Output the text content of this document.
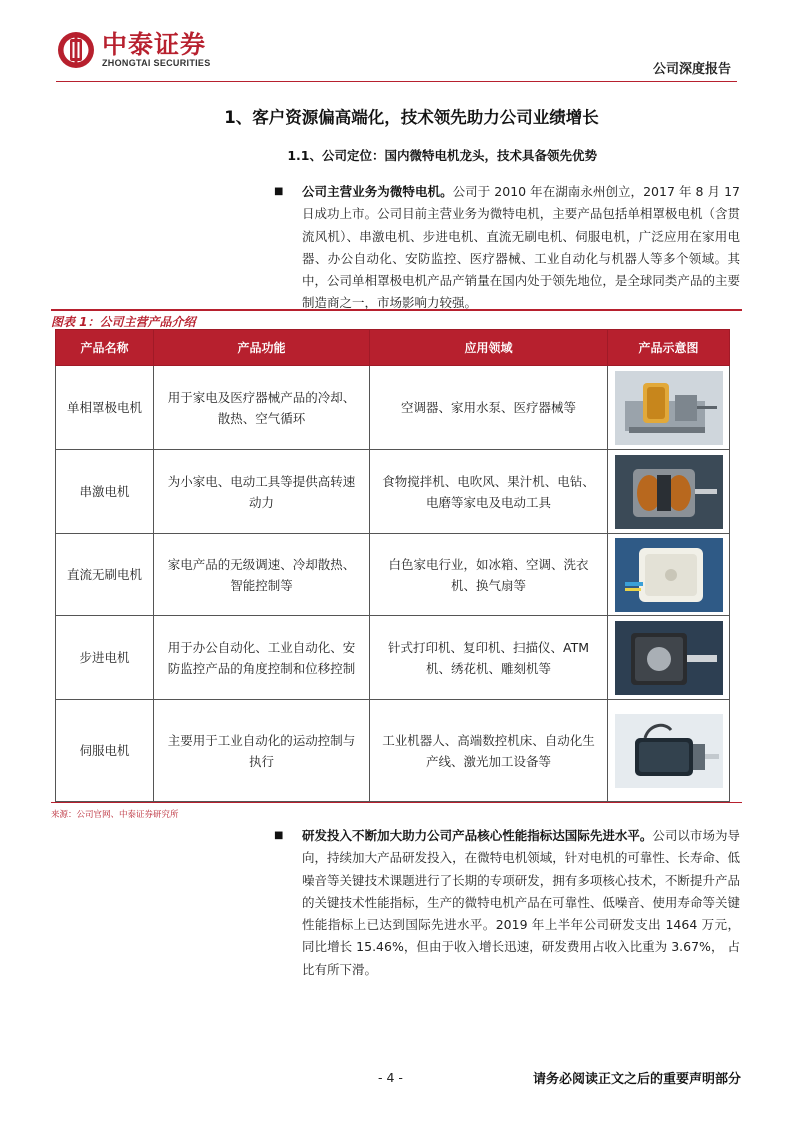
中泰证券
ZHONGTAI SECURITIES	公司深度报告
1、客户资源偏高端化，技术领先助力公司业绩增长
1.1、公司定位：国内微特电机龙头，技术具备领先优势
■ 公司主营业务为微特电机。公司于 2010 年在湖南永州创立，2017 年 8 月 17 日成功上市。公司目前主营业务为微特电机，主要产品包括单相罩极电机（含贯流风机）、串激电机、步进电机、直流无刷电机、伺服电机，广泛应用在家用电器、办公自动化、安防监控、医疗器械、工业自动化与机器人等多个领域。其中，公司单相罩极电机产品产销量在国内处于领先地位，是全球同类产品的主要制造商之一，市场影响力较强。
图表 1：公司主营产品介绍
产品名称	产品功能	应用领域	产品示意图
单相罩极电机	用于家电及医疗器械产品的冷却、散热、空气循环	空调器、家用水泵、医疗器械等	

串激电机	为小家电、电动工具等提供高转速动力	食物搅拌机、电吹风、果汁机、电钻、电磨等家电及电动工具	

直流无刷电机	家电产品的无级调速、冷却散热、智能控制等	白色家电行业，如冰箱、空调、洗衣机、换气扇等	

步进电机	用于办公自动化、工业自动化、安防监控产品的角度控制和位移控制	针式打印机、复印机、扫描仪、ATM 机、绣花机、雕刻机等	

伺服电机	主要用于工业自动化的运动控制与执行	工业机器人、高端数控机床、自动化生产线、激光加工设备等	
来源：公司官网、中泰证券研究所
■ 研发投入不断加大助力公司产品核心性能指标达国际先进水平。公司以市场为导向，持续加大产品研发投入，在微特电机领域，针对电机的可靠性、长寿命、低噪音等关键技术课题进行了长期的专项研发，拥有多项核心技术，不断提升产品的关键技术性能指标，生产的微特电机产品在可靠性、低噪音、使用寿命等关键性能指标上已达到国际先进水平。2019 年上半年公司研发支出 1464 万元，同比增长 15.46%，但由于收入增长迅速，研发费用占收入比重为 3.67%， 占比有所下滑。
- 4 -	请务必阅读正文之后的重要声明部分
